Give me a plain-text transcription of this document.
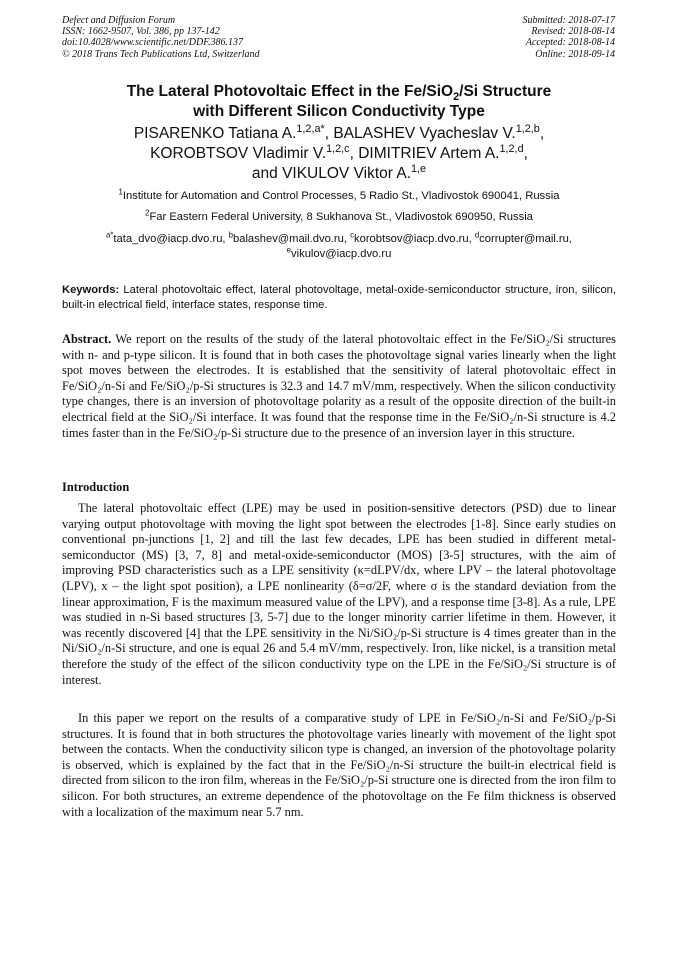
Defect and Diffusion Forum
ISSN: 1662-9507, Vol. 386, pp 137-142
doi:10.4028/www.scientific.net/DDF.386.137
© 2018 Trans Tech Publications Ltd, Switzerland
Submitted: 2018-07-17
Revised: 2018-08-14
Accepted: 2018-08-14
Online: 2018-09-14
The Lateral Photovoltaic Effect in the Fe/SiO$_2$/Si Structure
with Different Silicon Conductivity Type
PISARENKO Tatiana A.$^{1,2,a*}$, BALASHEV Vyacheslav V.$^{1,2,b}$,
KOROBTSOV Vladimir V.$^{1,2,c}$, DIMITRIEV Artem A.$^{1,2,d}$,
and VIKULOV Viktor A.$^{1,e}$
$^1$Institute for Automation and Control Processes, 5 Radio St., Vladivostok 690041, Russia
$^2$Far Eastern Federal University, 8 Sukhanova St., Vladivostok 690950, Russia
$^{a*}$tata_dvo@iacp.dvo.ru, $^b$balashev@mail.dvo.ru, $^c$korobtsov@iacp.dvo.ru, $^d$corrupter@mail.ru,
$^e$vikulov@iacp.dvo.ru
Keywords: Lateral photovoltaic effect, lateral photovoltage, metal-oxide-semiconductor structure, iron, silicon, built-in electrical field, interface states, response time.
Abstract. We report on the results of the study of the lateral photovoltaic effect in the Fe/SiO₂/Si structures with n- and p-type silicon. It is found that in both cases the photovoltage signal varies linearly when the light spot moves between the electrodes. It is established that the sensitivity of lateral photovoltaic effect in Fe/SiO₂/n-Si and Fe/SiO₂/p-Si structures is 32.3 and 14.7 mV/mm, respectively. When the silicon conductivity type changes, there is an inversion of photovoltage polarity as a result of the opposite direction of the built-in electrical field at the SiO₂/Si interface. It was found that the response time in the Fe/SiO₂/n-Si structure is 4.2 times faster than in the Fe/SiO₂/p-Si structure due to the presence of an inversion layer in this structure.
Introduction
The lateral photovoltaic effect (LPE) may be used in position-sensitive detectors (PSD) due to linear varying output photovoltage with moving the light spot between the electrodes [1-8]. Since early studies on conventional pn-junctions [1, 2] and till the last few decades, LPE has been studied in different metal-semiconductor (MS) [3, 7, 8] and metal-oxide-semiconductor (MOS) [3-5] structures, with the aim of improving PSD characteristics such as a LPE sensitivity (κ=dLPV/dx, where LPV – the lateral photovoltage (LPV), x – the light spot position), a LPE nonlinearity (δ=σ/2F, where σ is the standard deviation from the linear approximation, F is the maximum measured value of the LPV), and a response time [3-8]. As a rule, LPE was studied in n-Si based structures [3, 5-7] due to the longer minority carrier lifetime in them. However, it was recently discovered [4] that the LPE sensitivity in the Ni/SiO₂/p-Si structure is 4 times greater than in the Ni/SiO₂/n-Si structure, and one is equal 26 and 5.4 mV/mm, respectively. Iron, like nickel, is a transition metal therefore the study of the effect of the silicon conductivity type on the LPE in the Fe/SiO₂/Si structure is of interest.
In this paper we report on the results of a comparative study of LPE in Fe/SiO₂/n-Si and Fe/SiO₂/p-Si structures. It is found that in both structures the photovoltage varies linearly with movement of the light spot between the contacts. When the conductivity silicon type is changed, an inversion of the photovoltage polarity is observed, which is explained by the fact that in the Fe/SiO₂/n-Si structure the built-in electrical field is directed from silicon to the iron film, whereas in the Fe/SiO₂/p-Si structure one is directed from the iron film to silicon. For both structures, an extreme dependence of the photovoltage on the Fe film thickness is observed with a localization of the maximum near 5.7 nm.
